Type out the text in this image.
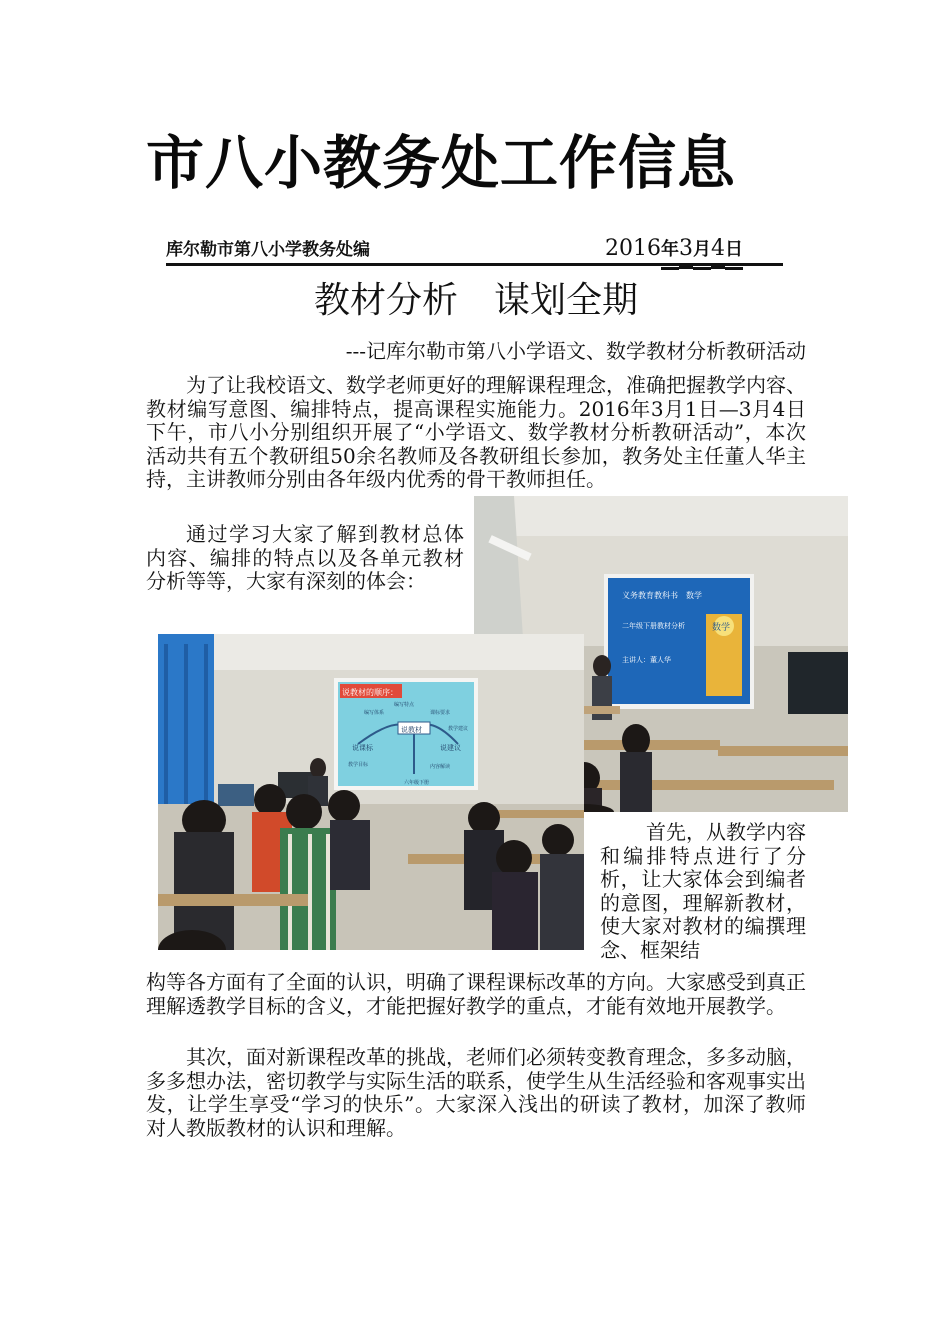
市八小教务处工作信息
库尔勒市第八小学教务处编	2016年3月4日
教材分析　谋划全期
---记库尔勒市第八小学语文、数学教材分析教研活动

为了让我校语文、数学老师更好的理解课程理念，准确把握教学内容、教材编写意图、编排特点，提高课程实施能力。2016年3月1日—3月4日下午，市八小分别组织开展了“小学语文、数学教材分析教研活动”，本次活动共有五个教研组50余名教师及各教研组长参加，教务处主任董人华主持，主讲教师分别由各年级内优秀的骨干教师担任。

通过学习大家了解到教材总体内容、编排的特点以及各单元教材分析等等，大家有深刻的体会：

义务教育教科书　数学
二年级下册教材分析
主讲人：董人华
数学
说教材的顺序：
说教材
说课标	说建议
六年级下册
编写体系
编写特点
教学目标
课标要求
内容解读
教学建议

首先，从教学内容和编排特点进行了分析，让大家体会到编者的意图，理解新教材，使大家对教材的编撰理念、框架结

构等各方面有了全面的认识，明确了课程课标改革的方向。大家感受到真正理解透教学目标的含义，才能把握好教学的重点，才能有效地开展教学。

其次，面对新课程改革的挑战，老师们必须转变教育理念，多多动脑，多多想办法，密切教学与实际生活的联系，使学生从生活经验和客观事实出发，让学生享受“学习的快乐”。大家深入浅出的研读了教材，加深了教师对人教版教材的认识和理解。
